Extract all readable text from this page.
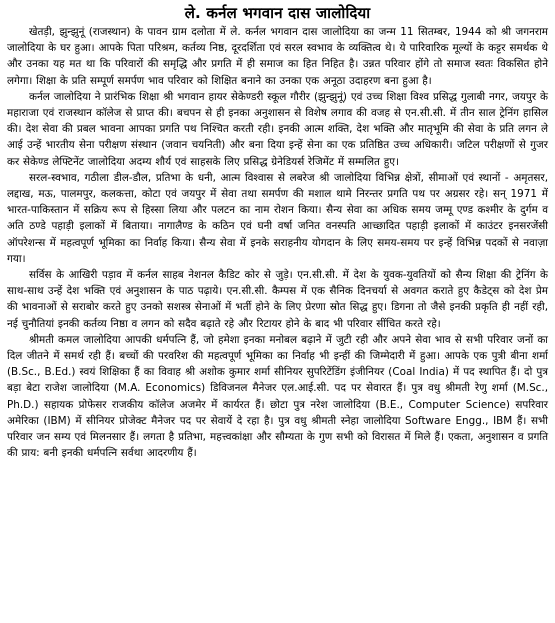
ले. कर्नल भगवान दास जालोदिया

खेतड़ी, झुन्झुनूं (राजस्थान) के पावन ग्राम दलोता में ले. कर्नल भगवान दास जालोदिया का जन्म 11 सितम्बर, 1944 को श्री जगनराम जालोदिया के घर हुआ। आपके पिता परिश्रम, कर्तव्य निष्ठ, दूरदर्शिता एवं सरल स्वभाव के व्यक्तित्व थे। ये पारिवारिक मूल्यों के कट्टर समर्थक थे और उनका यह मत था कि परिवारों की समृद्धि और प्रगति में ही समाज का हित निहित है। उन्नत परिवार होंगे तो समाज स्वतः विकसित होने लगेगा। शिक्षा के प्रति सम्पूर्ण समर्पण भाव परिवार को शिक्षित बनाने का उनका एक अनूठा उदाहरण बना हुआ है।

कर्नल जालोदिया ने प्रारंभिक शिक्षा श्री भगवान हायर सेकेण्डरी स्कूल गौरीर (झुन्झुनूं) एवं उच्च शिक्षा विश्व प्रसिद्ध गुलाबी नगर, जयपुर के महाराजा एवं राजस्थान कॉलेज से प्राप्त की। बचपन से ही इनका अनुशासन से विशेष लगाव की वजह से एन.सी.सी. में तीन साल ट्रेनिंग हासिल की। देश सेवा की प्रबल भावना आपका प्रगति पथ निश्चित करती रही। इनकी आत्म शक्ति, देश भक्ति और मातृभूमि की सेवा के प्रति लगन ले आई उन्हें भारतीय सेना परीक्षण संस्थान (जवान चयनिती) और बना दिया इन्हें सेना का एक प्रतिष्ठित उच्च अधिकारी। जटिल परीक्षणों से गुजर कर सेकेण्ड लेफ्टिनेंट जालोदिया अदम्य शौर्य एवं साहसके लिए प्रसिद्ध ग्रेनेडियर्स रेजिमेंट में सम्मलित हुए।

सरल-स्वभाव, गठीला डील-डौल, प्रतिभा के धनी, आत्म विश्वास से लबरेज श्री जालोदिया विभिन्न क्षेत्रों, सीमाओं एवं स्थानों - अमृतसर, लद्दाख, मऊ, पालमपुर, कलकत्ता, कोटा एवं जयपुर में सेवा तथा समर्पण की मशाल थामे निरन्तर प्रगति पथ पर अग्रसर रहे। सन् 1971 में भारत-पाकिस्तान में सक्रिय रूप से हिस्सा लिया और पलटन का नाम रोशन किया। सैन्य सेवा का अधिक समय जम्मू एण्ड कश्मीर के दुर्गम व अति ठण्डे पहाड़ी इलाकों में बिताया। नागालैण्ड के कठिन एवं घनी वर्षा जनित वनस्पति आच्छादित पहाड़ी इलाकों में काउंटर इनसरजेंसी ऑपरेशन्स में महत्वपूर्ण भूमिका का निर्वाह किया। सैन्य सेवा में इनके सराहनीय योगदान के लिए समय-समय पर इन्हें विभिन्न पदकों से नवाज़ा गया।

सर्विस के आखिरी पड़ाव में कर्नल साहब नेशनल कैडिट कोर से जुड़े। एन.सी.सी. में देश के युवक-युवतियों को सैन्य शिक्षा की ट्रेनिंग के साथ-साथ उन्हें देश भक्ति एवं अनुशासन के पाठ पढ़ाये। एन.सी.सी. कैम्पस में एक सैनिक दिनचर्या से अवगत कराते हुए कैडेट्स को देश प्रेम की भावनाओं से सराबोर करते हुए उनको सशस्त्र सेनाओं में भर्ती होने के लिए प्रेरणा स्रोत सिद्ध हुए। डिगना तो जैसे इनकी प्रकृति ही नहीं रही, नई चुनौतियां इनकी कर्तव्य निष्ठा व लगन को सदैव बढ़ाते रहे और रिटायर होने के बाद भी परिवार सींचित करते रहे।

श्रीमती कमल जालोदिया आपकी धर्मपत्नि हैं, जो हमेशा इनका मनोबल बढ़ाने में जुटी रही और अपने सेवा भाव से सभी परिवार जनों का दिल जीतने में समर्थ रही हैं। बच्चों की परवरिश की महत्वपूर्ण भूमिका का निर्वाह भी इन्हीं की जिम्मेदारी में हुआ। आपके एक पुत्री बीना शर्मा (B.Sc., B.Ed.) स्वयं शिक्षिका हैं का विवाह श्री अशोक कुमार शर्मा सीनियर सुपरिटेंडिंग इंजीनियर (Coal India) में पद स्थापित हैं। दो पुत्र बड़ा बेटा राजेश जालोदिया (M.A. Economics) डिविजनल मैनेजर एल.आई.सी. पद पर सेवारत हैं। पुत्र वधु श्रीमती रेणु शर्मा (M.Sc., Ph.D.) सहायक प्रोफेसर राजकीय कॉलेज अजमेर में कार्यरत हैं। छोटा पुत्र नरेश जालोदिया (B.E., Computer Science) सपरिवार अमेरिका (IBM) में सीनियर प्रोजेक्ट मैनेजर पद पर सेवायें दे रहा है। पुत्र वधु श्रीमती स्नेहा जालोदिया Software Engg., IBM हैं। सभी परिवार जन सम्य एवं मिलनसार हैं। लगता है प्रतिभा, महत्त्वकांक्षा और सौम्यता के गुण सभी को विरासत में मिले हैं। एकता, अनुशासन व प्रगति की प्राय: बनी इनकी धर्मपत्नि सर्वथा आदरणीय हैं।
